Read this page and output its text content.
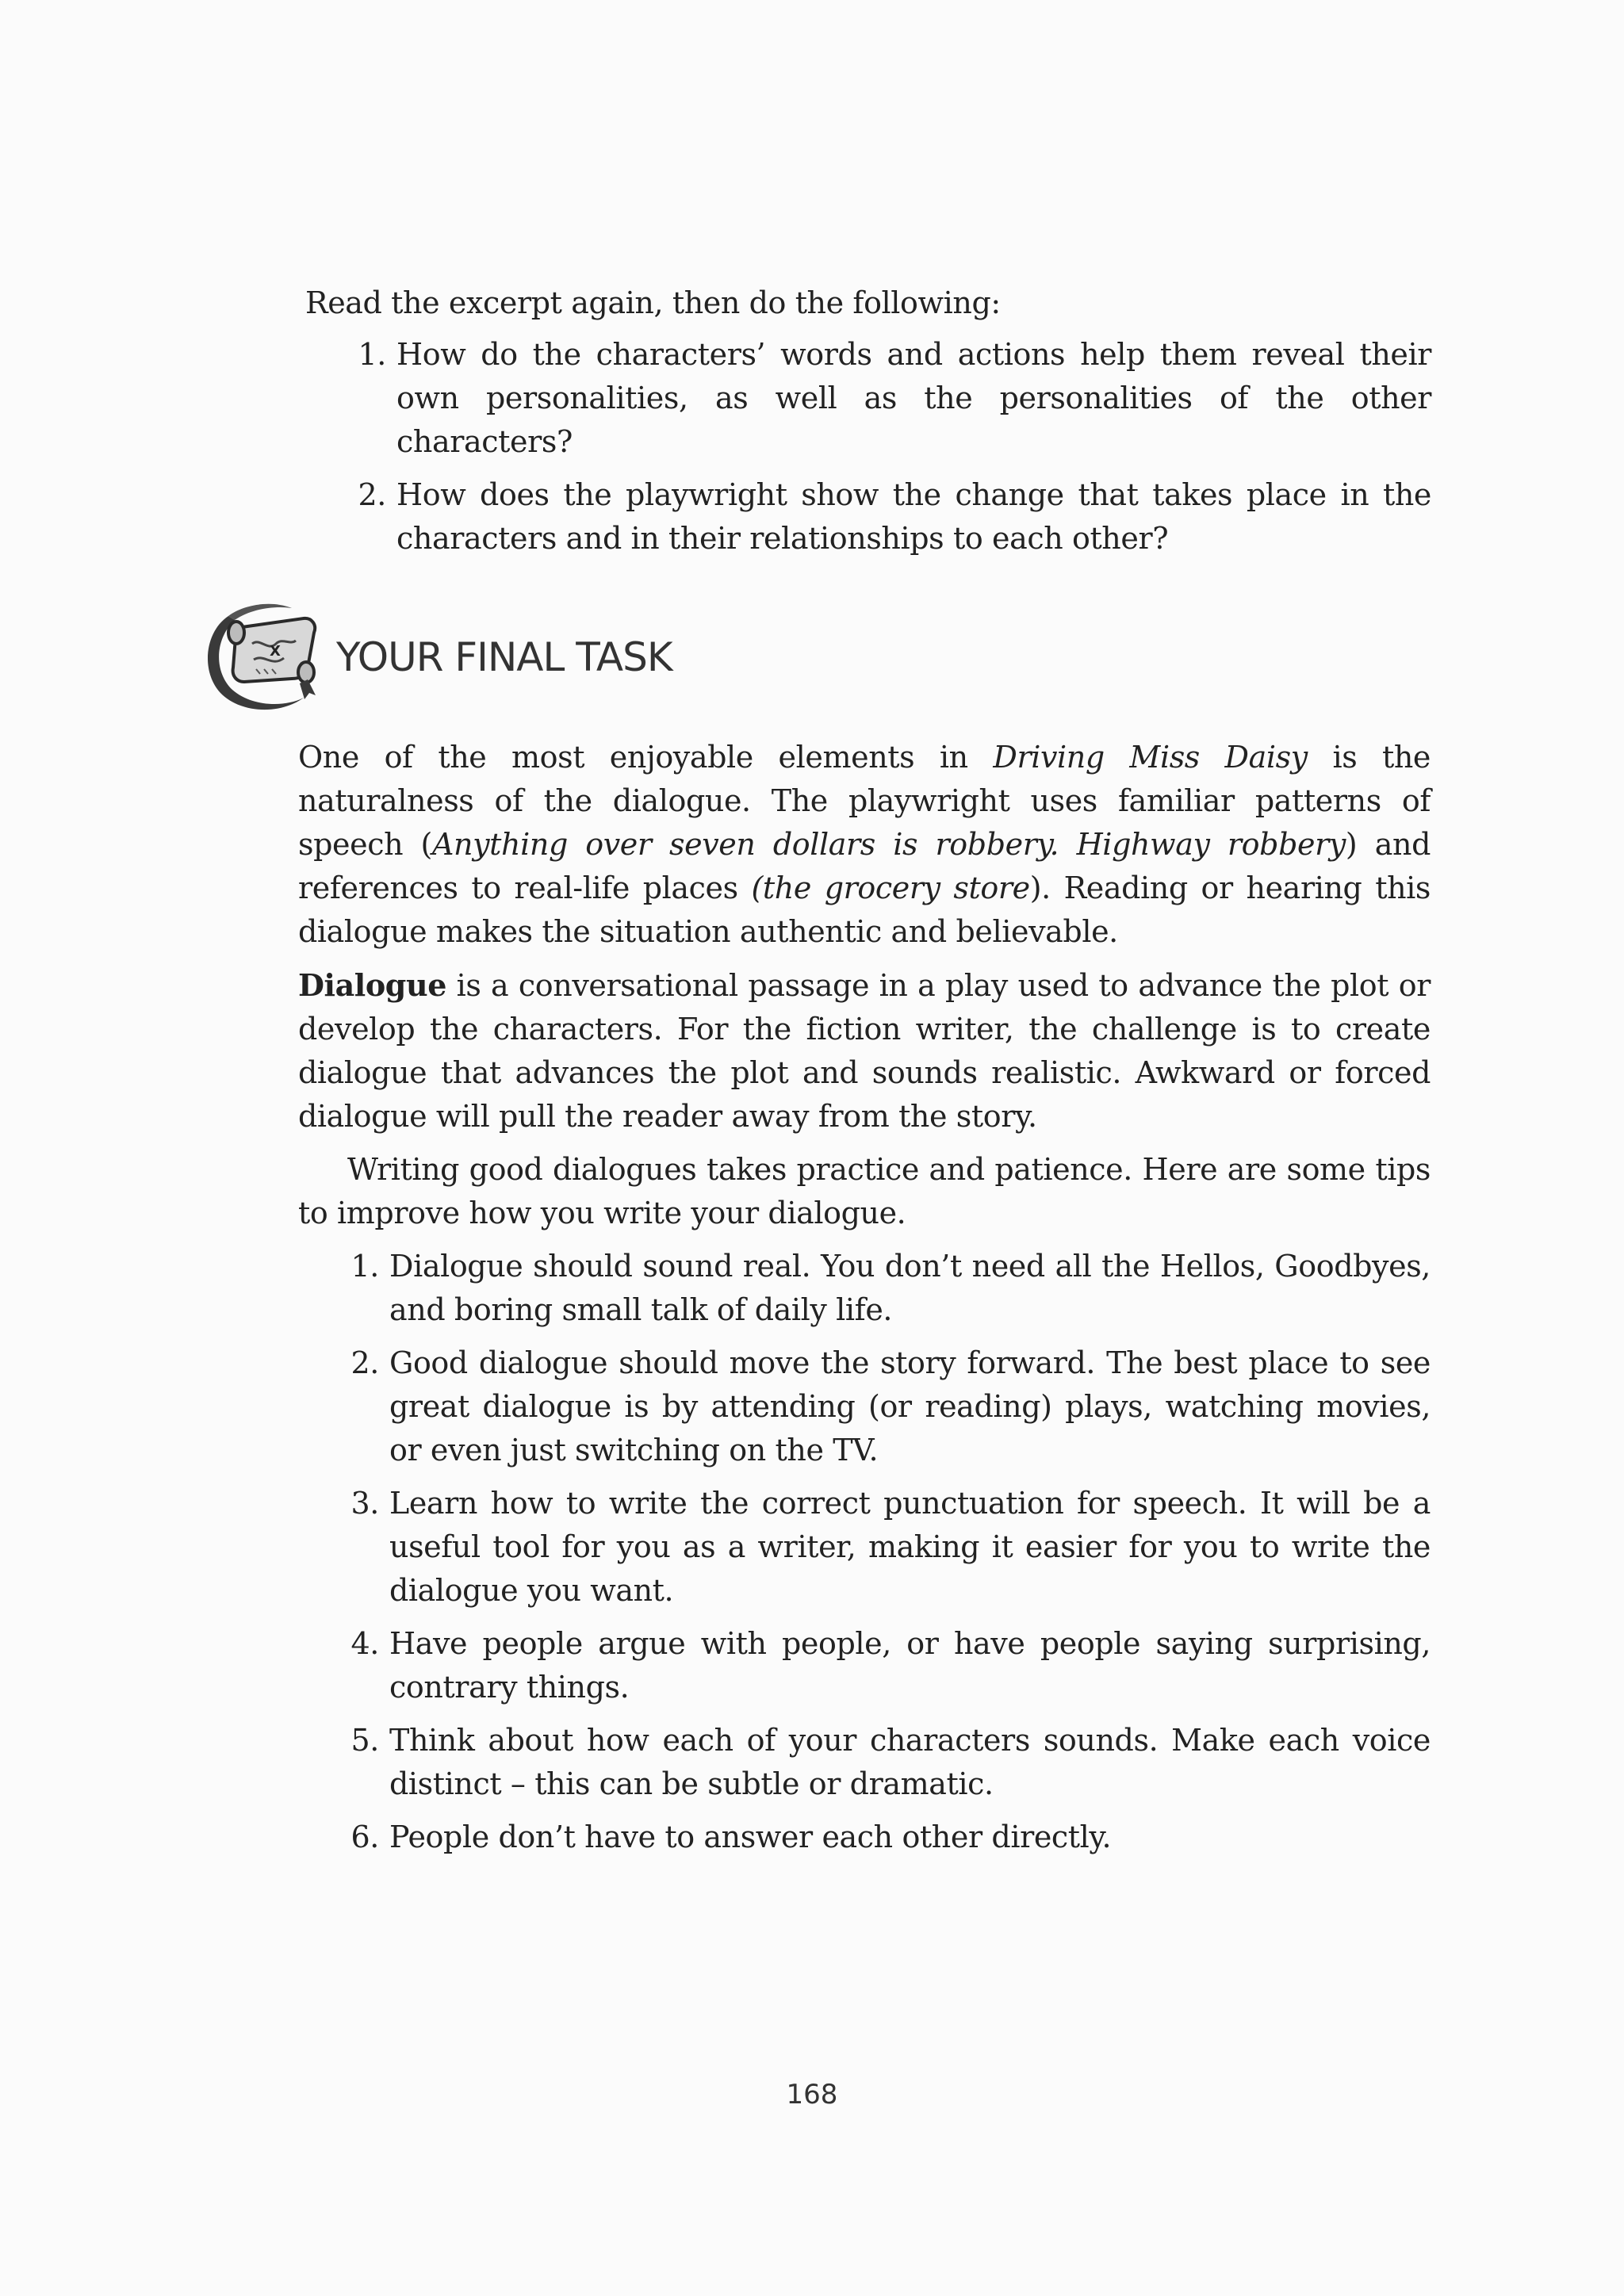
Read the excerpt again, then do the following:
1. How do the characters’ words and actions help them reveal their own personalities, as well as the personalities of the other characters?
2. How does the playwright show the change that takes place in the characters and in their relationships to each other?
X YOUR FINAL TASK

One of the most enjoyable elements in Driving Miss Daisy is the naturalness of the dialogue. The playwright uses familiar patterns of speech (Anything over seven dollars is robbery. Highway robbery) and references to real-life places (the grocery store). Reading or hearing this dialogue makes the situation authentic and believable.

Dialogue is a conversational passage in a play used to advance the plot or develop the characters. For the fiction writer, the challenge is to create dialogue that advances the plot and sounds realistic. Awkward or forced dialogue will pull the reader away from the story.

Writing good dialogues takes practice and patience. Here are some tips to improve how you write your dialogue.

1. Dialogue should sound real. You don’t need all the Hellos, Goodbyes, and boring small talk of daily life.
2. Good dialogue should move the story forward. The best place to see great dialogue is by attending (or reading) plays, watching movies, or even just switching on the TV.
3. Learn how to write the correct punctuation for speech. It will be a useful tool for you as a writer, making it easier for you to write the dialogue you want.
4. Have people argue with people, or have people saying surprising, contrary things.
5. Think about how each of your characters sounds. Make each voice distinct – this can be subtle or dramatic.
6. People don’t have to answer each other directly.
168
